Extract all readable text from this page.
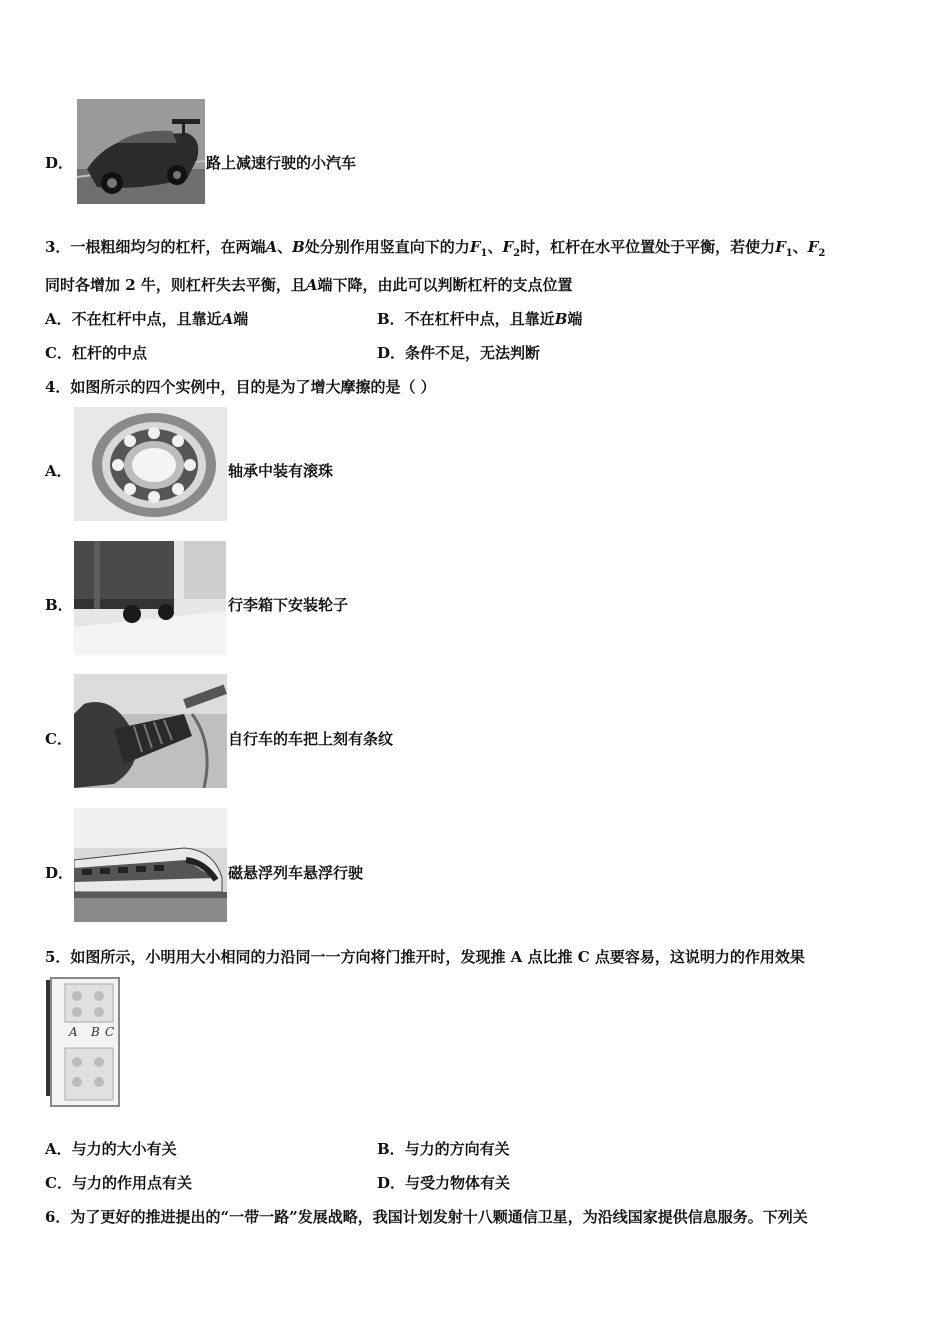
D．	路上减速行驶的小汽车
3．一根粗细均匀的杠杆，在两端A、B处分别作用竖直向下的力$F_1$、$F_2$时，杠杆在水平位置处于平衡，若使力$F_1$、$F_2$
同时各增加 2 牛，则杠杆失去平衡，且A端下降，由此可以判断杠杆的支点位置
A．不在杠杆中点，且靠近A端	B．不在杠杆中点，且靠近B端
C．杠杆的中点	D．条件不足，无法判断
4．如图所示的四个实例中，目的是为了增大摩擦的是（ ）
A．	轴承中装有滚珠
B．	行李箱下安装轮子
C．	自行车的车把上刻有条纹
D．	磁悬浮列车悬浮行驶
5．如图所示，小明用大小相同的力沿同一一方向将门推开时，发现推 A 点比推 C 点要容易，这说明力的作用效果
A B C
A．与力的大小有关	B．与力的方向有关
C．与力的作用点有关	D．与受力物体有关
6．为了更好的推进提出的“一带一路”发展战略，我国计划发射十八颗通信卫星，为沿线国家提供信息服务。下列关
